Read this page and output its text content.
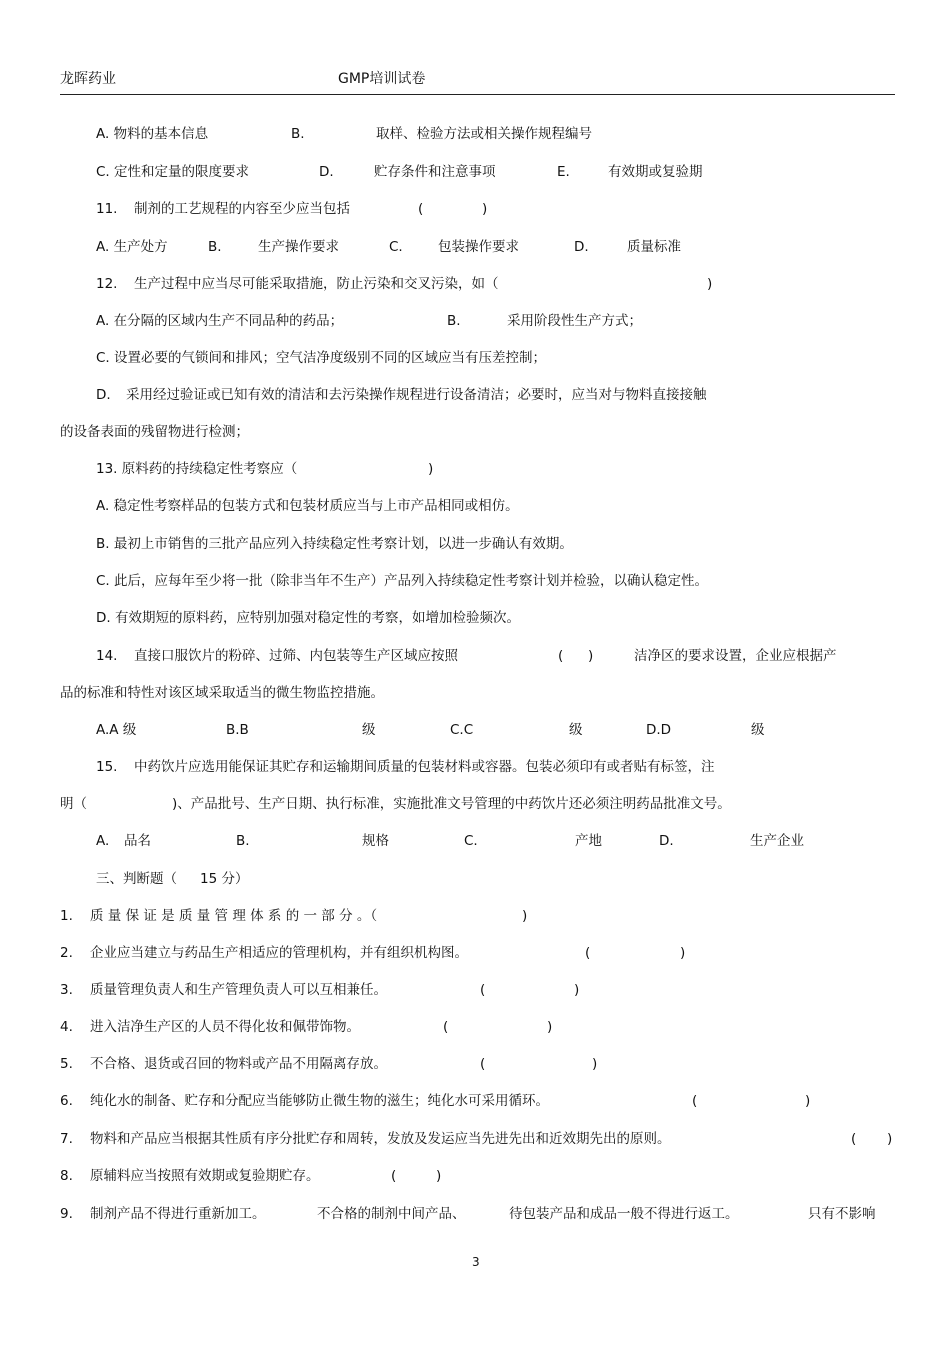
龙晖药业	GMP培训试卷
A. 物料的基本信息	B.	取样、检验方法或相关操作规程编号
C. 定性和定量的限度要求	D.	贮存条件和注意事项	E.	有效期或复验期
11. 制剂的工艺规程的内容至少应当包括	(	)
A. 生产处方	B.	生产操作要求	C.	包装操作要求	D.	质量标准
12. 生产过程中应当尽可能采取措施，防止污染和交叉污染，如（	)
A. 在分隔的区域内生产不同品种的药品；	B.	采用阶段性生产方式；
C. 设置必要的气锁间和排风；空气洁净度级别不同的区域应当有压差控制；
D. 采用经过验证或已知有效的清洁和去污染操作规程进行设备清洁；必要时，应当对与物料直接接触
的设备表面的残留物进行检测；
13. 原料药的持续稳定性考察应（	)
A. 稳定性考察样品的包装方式和包装材质应当与上市产品相同或相仿。
B. 最初上市销售的三批产品应列入持续稳定性考察计划，以进一步确认有效期。
C. 此后，应每年至少将一批（除非当年不生产）产品列入持续稳定性考察计划并检验，以确认稳定性。
D. 有效期短的原料药，应特别加强对稳定性的考察，如增加检验频次。
14. 直接口服饮片的粉碎、过筛、内包装等生产区域应按照	( )	洁净区的要求设置，企业应根据产
品的标准和特性对该区域采取适当的微生物监控措施。
A.A 级	B.B	级	C.C	级	D.D	级
15. 中药饮片应选用能保证其贮存和运输期间质量的包装材料或容器。包装必须印有或者贴有标签，注
明（	)、产品批号、生产日期、执行标准，实施批准文号管理的中药饮片还必须注明药品批准文号。
A. 品名	B.	规格	C.	产地	D.	生产企业
三、判断题（ 15 分）
1. 质 量 保 证 是 质 量 管 理 体 系 的 一 部 分 。（	)
2. 企业应当建立与药品生产相适应的管理机构，并有组织机构图。	(	)
3. 质量管理负责人和生产管理负责人可以互相兼任。	(	)
4. 进入洁净生产区的人员不得化妆和佩带饰物。	(	)
5. 不合格、退货或召回的物料或产品不用隔离存放。	(	)
6. 纯化水的制备、贮存和分配应当能够防止微生物的滋生；纯化水可采用循环。	(	)
7. 物料和产品应当根据其性质有序分批贮存和周转，发放及发运应当先进先出和近效期先出的原则。	( )
8. 原辅料应当按照有效期或复验期贮存。	(	)
9. 制剂产品不得进行重新加工。	不合格的制剂中间产品、	待包装产品和成品一般不得进行返工。	只有不影响
3
